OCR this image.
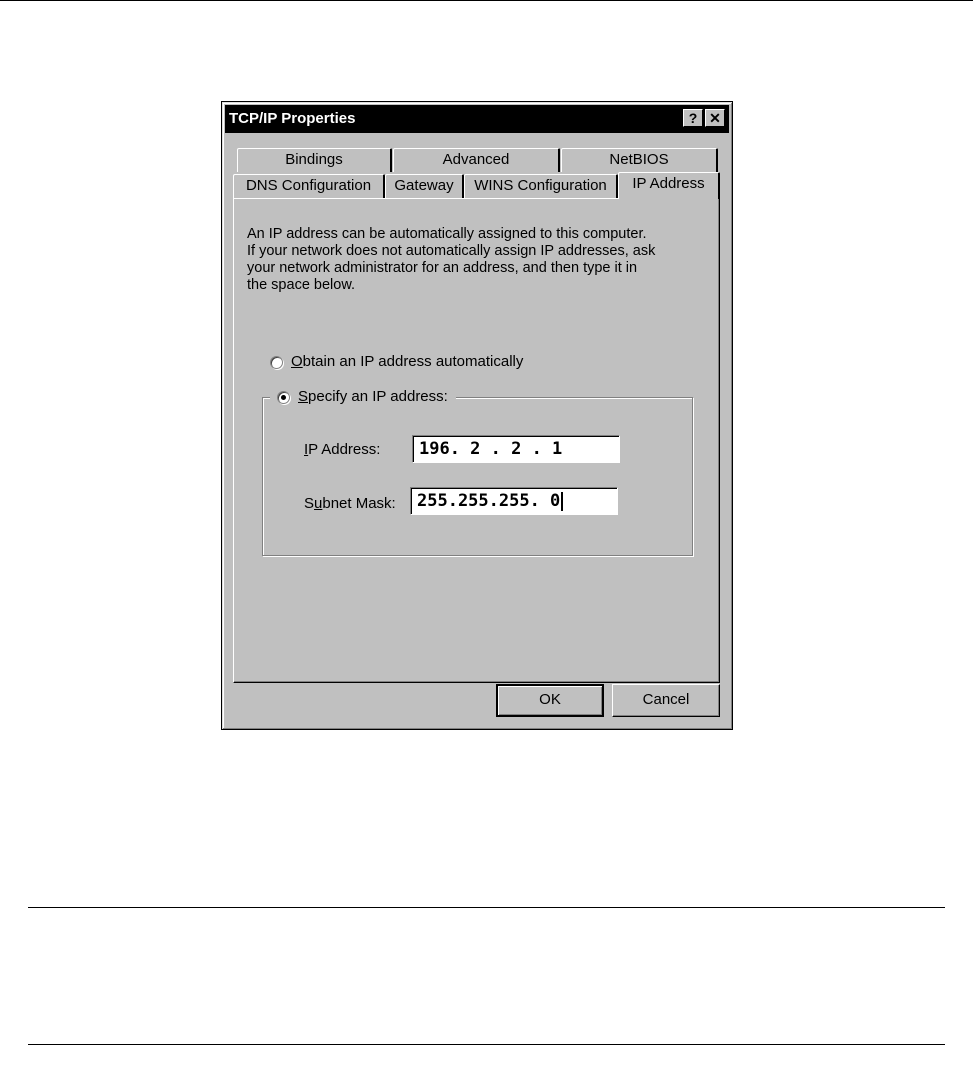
TCP/IP Properties	? ✕
Bindings	Advanced	NetBIOS
DNS Configuration	Gateway	WINS Configuration	IP Address

An IP address can be automatically assigned to this computer.
If your network does not automatically assign IP addresses, ask
your network administrator for an address, and then type it in
the space below.

Obtain an IP address automatically
Specify an IP address:
IP Address:	196. 2 . 2 . 1
Subnet Mask:	255.255.255. 0
OK	Cancel
